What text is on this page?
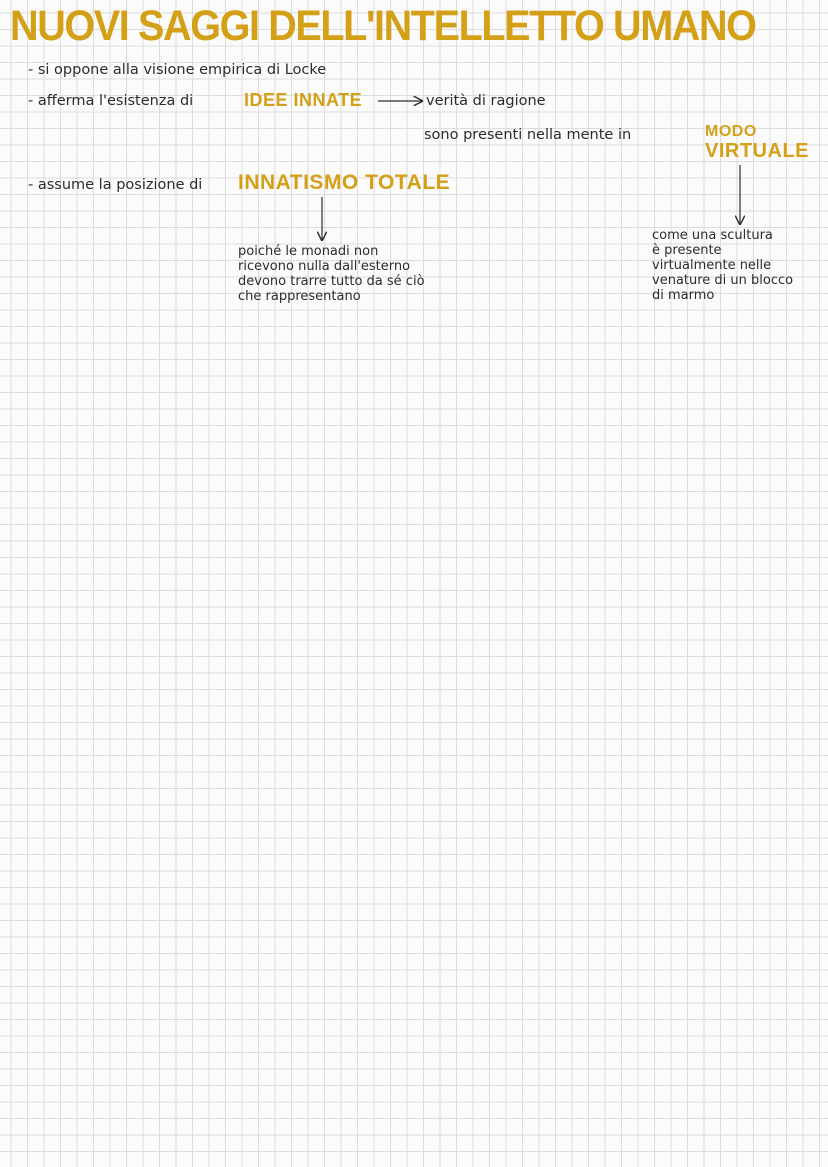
NUOVI SAGGI DELL'INTELLETTO UMANO
- si oppone alla visione empirica di Locke
- afferma l'esistenza di	IDEE INNATE	verità di ragione
sono presenti nella mente in	MODO
VIRTUALE
- assume la posizione di INNATISMO TOTALE
poiché le monadi non
ricevono nulla dall'esterno
devono trarre tutto da sé ciò
che rappresentano
come una scultura
è presente
virtualmente nelle
venature di un blocco
di marmo
